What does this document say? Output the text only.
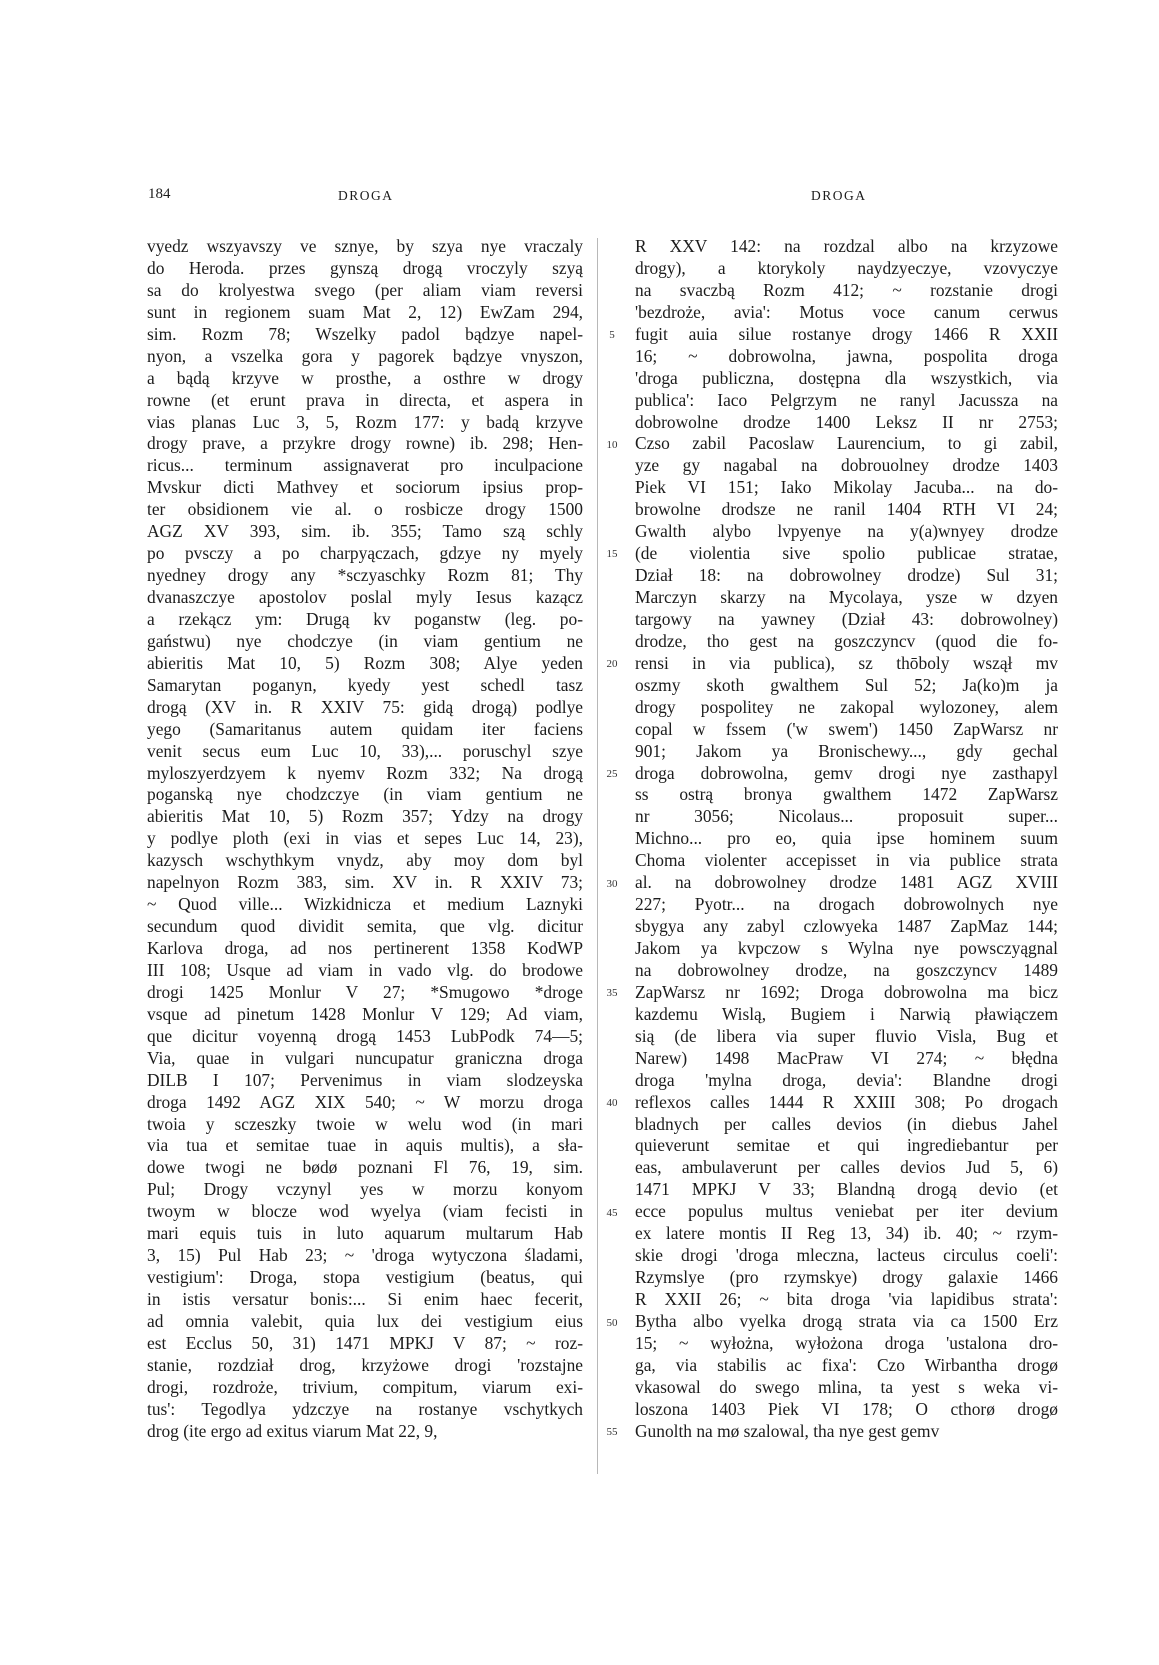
184	DROGA	DROGA
vyedz wszyavszy ve sznye, by szya nye vraczaly
do Heroda. przes gynszą drogą vroczyly szyą
sa do krolyestwa svego (per aliam viam reversi
sunt in regionem suam Mat 2, 12) EwZam 294,
sim. Rozm 78; Wszelky padol bądzye napel-
nyon, a vszelka gora y pagorek bądzye vnyszon,
a bądą krzyve w prosthe, a osthre w drogy
rowne (et erunt prava in directa, et aspera in
vias planas Luc 3, 5, Rozm 177: y badą krzyve
drogy prave, a przykre drogy rowne) ib. 298; Hen-
ricus... terminum assignaverat pro inculpacione
Mvskur dicti Mathvey et sociorum ipsius prop-
ter obsidionem vie al. o rosbicze drogy 1500
AGZ XV 393, sim. ib. 355; Tamo szą schly
po pvsczy a po charpyączach, gdzye ny myely
nyedney drogy any *sczyaschky Rozm 81; Thy
dvanaszczye apostolov poslal myly Iesus kazącz
a rzekącz ym: Drugą kv poganstw (leg. po-
gaństwu) nye chodczye (in viam gentium ne
abieritis Mat 10, 5) Rozm 308; Alye yeden
Samarytan poganyn, kyedy yest schedl tasz
drogą (XV in. R XXIV 75: gidą drogą) podlye
yego (Samaritanus autem quidam iter faciens
venit secus eum Luc 10, 33),... poruschyl szye
myloszyerdzyem k nyemv Rozm 332; Na drogą
poganską nye chodzczye (in viam gentium ne
abieritis Mat 10, 5) Rozm 357; Ydzy na drogy
y podlye ploth (exi in vias et sepes Luc 14, 23),
kazysch wschythkym vnydz, aby moy dom byl
napelnyon Rozm 383, sim. XV in. R XXIV 73;
~ Quod ville... Wizkidnicza et medium Laznyki
secundum quod dividit semita, que vlg. dicitur
Karlova droga, ad nos pertinerent 1358 KodWP
III 108; Usque ad viam in vado vlg. do brodowe
drogi 1425 Monlur V 27; *Smugowo *droge
vsque ad pinetum 1428 Monlur V 129; Ad viam,
que dicitur voyenną drogą 1453 LubPodk 74—5;
Via, quae in vulgari nuncupatur graniczna droga
DILB I 107; Pervenimus in viam slodzeyska
droga 1492 AGZ XIX 540; ~ W morzu droga
twoia y sczeszky twoie w welu wod (in mari
via tua et semitae tuae in aquis multis), a sła-
dowe twogi ne bødø poznani Fl 76, 19, sim.
Pul; Drogy vczynyl yes w morzu konyom
twoym w blocze wod wyelya (viam fecisti in
mari equis tuis in luto aquarum multarum Hab
3, 15) Pul Hab 23; ~ 'droga wytyczona śladami,
vestigium': Droga, stopa vestigium (beatus, qui
in istis versatur bonis:... Si enim haec fecerit,
ad omnia valebit, quia lux dei vestigium eius
est Ecclus 50, 31) 1471 MPKJ V 87; ~ roz-
stanie, rozdział drog, krzyżowe drogi 'rozstajne
drogi, rozdroże, trivium, compitum, viarum exi-
tus': Tegodlya ydzczye na rostanye vschytkych
drog (ite ergo ad exitus viarum Mat 22, 9,
5
10
15
20
25
30
35
40
45
50
55
R XXV 142: na rozdzal albo na krzyzowe
drogy), a ktorykoly naydzyeczye, vzovyczye
na svaczbą Rozm 412; ~ rozstanie drogi
'bezdroże, avia': Motus voce canum cerwus
fugit auia silue rostanye drogy 1466 R XXII
16; ~ dobrowolna, jawna, pospolita droga
'droga publiczna, dostępna dla wszystkich, via
publica': Iaco Pelgrzym ne ranyl Jacussza na
dobrowolne drodze 1400 Leksz II nr 2753;
Czso zabil Pacoslaw Laurencium, to gi zabil,
yze gy nagabal na dobrouolney drodze 1403
Piek VI 151; Iako Mikolay Jacuba... na do-
browolne drodsze ne ranil 1404 RTH VI 24;
Gwalth alybo lvpyenye na y(a)wnyey drodze
(de violentia sive spolio publicae stratae,
Dział 18: na dobrowolney drodze) Sul 31;
Marczyn skarzy na Mycolaya, ysze w dzyen
targowy na yawney (Dział 43: dobrowolney)
drodze, tho gest na goszczyncv (quod die fo-
rensi in via publica), sz thōboly wszął mv
oszmy skoth gwalthem Sul 52; Ja(ko)m ja
drogy pospolitey ne zakopal wylozoney, alem
copal w fssem ('w swem') 1450 ZapWarsz nr
901; Jakom ya Bronischewy..., gdy gechal
droga dobrowolna, gemv drogi nye zasthapyl
ss ostrą bronya gwalthem 1472 ZapWarsz
nr 3056; Nicolaus... proposuit super...
Michno... pro eo, quia ipse hominem suum
Choma violenter accepisset in via publice strata
al. na dobrowolney drodze 1481 AGZ XVIII
227; Pyotr... na drogach dobrowolnych nye
sbygya any zabyl czlowyeka 1487 ZapMaz 144;
Jakom ya kvpczow s Wylna nye powsczyągnal
na dobrowolney drodze, na goszczyncv 1489
ZapWarsz nr 1692; Droga dobrowolna ma bicz
kazdemu Wislą, Bugiem i Narwią pławiączem
sią (de libera via super fluvio Visla, Bug et
Narew) 1498 MacPraw VI 274; ~ błędna
droga 'mylna droga, devia': Blandne drogi
reflexos calles 1444 R XXIII 308; Po drogach
bladnych per calles devios (in diebus Jahel
quieverunt semitae et qui ingrediebantur per
eas, ambulaverunt per calles devios Jud 5, 6)
1471 MPKJ V 33; Blandną drogą devio (et
ecce populus multus veniebat per iter devium
ex latere montis II Reg 13, 34) ib. 40; ~ rzym-
skie drogi 'droga mleczna, lacteus circulus coeli':
Rzymslye (pro rzymskye) drogy galaxie 1466
R XXII 26; ~ bita droga 'via lapidibus strata':
Bytha albo vyelka drogą strata via ca 1500 Erz
15; ~ wyłożna, wyłożona droga 'ustalona dro-
ga, via stabilis ac fixa': Czo Wirbantha drogø
vkasowal do swego mlina, ta yest s weka vi-
loszona 1403 Piek VI 178; O cthorø drogø
Gunolth na mø szalowal, tha nye gest gemv
